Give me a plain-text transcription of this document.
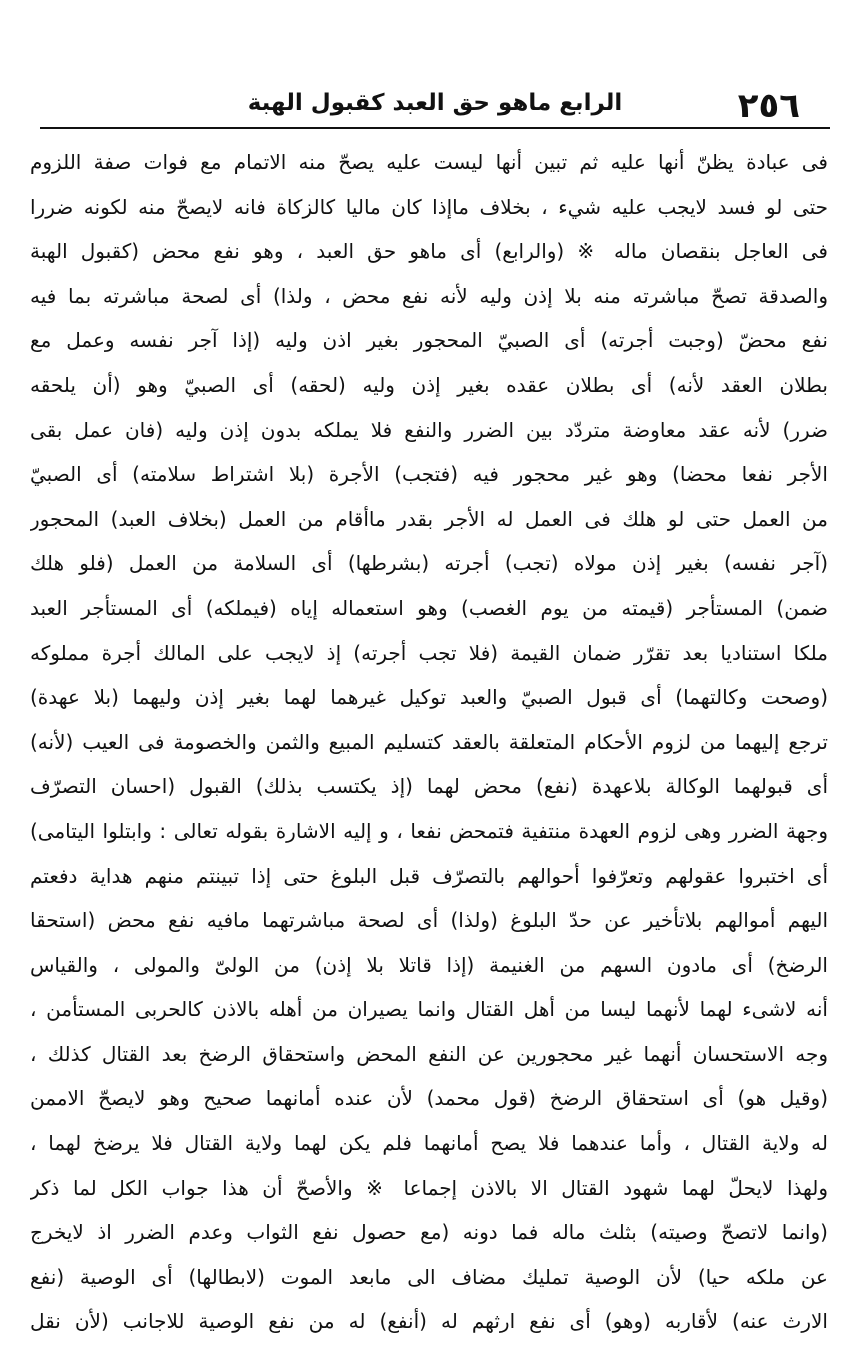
٢٥٦
الرابع ماهو حق العبد كقبول الهبة
فى عبادة يظنّ أنها عليه ثم تبين أنها ليست عليه يصحّ منه الاتمام مع فوات صفة اللزوم
حتى لو فسد لايجب عليه شيء ، بخلاف ماإذا كان ماليا كالزكاة فانه لايصحّ منه لكونه ضررا
فى العاجل بنقصان ماله ※ (والرابع) أى ماهو حق العبد ، وهو نفع محض (كقبول الهبة
والصدقة تصحّ مباشرته منه بلا إذن وليه لأنه نفع محض ، ولذا) أى لصحة مباشرته بما فيه
نفع محضّ (وجبت أجرته) أى الصبيّ المحجور بغير اذن وليه (إذا آجر نفسه وعمل مع
بطلان العقد لأنه) أى بطلان عقده بغير إذن وليه (لحقه) أى الصبيّ وهو (أن يلحقه
ضرر) لأنه عقد معاوضة متردّد بين الضرر والنفع فلا يملكه بدون إذن وليه (فان عمل بقى
الأجر نفعا محضا) وهو غير محجور فيه (فتجب) الأجرة (بلا اشتراط سلامته) أى الصبيّ
من العمل حتى لو هلك فى العمل له الأجر بقدر ماأقام من العمل (بخلاف العبد) المحجور
(آجر نفسه) بغير إذن مولاه (تجب) أجرته (بشرطها) أى السلامة من العمل (فلو هلك
ضمن) المستأجر (قيمته من يوم الغصب) وهو استعماله إياه (فيملكه) أى المستأجر العبد
ملكا استناديا بعد تقرّر ضمان القيمة (فلا تجب أجرته) إذ لايجب على المالك أجرة مملوكه
(وصحت وكالتهما) أى قبول الصبيّ والعبد توكيل غيرهما لهما بغير إذن وليهما (بلا عهدة)
ترجع إليهما من لزوم الأحكام المتعلقة بالعقد كتسليم المبيع والثمن والخصومة فى العيب (لأنه)
أى قبولهما الوكالة بلاعهدة (نفع) محض لهما (إذ يكتسب بذلك) القبول (احسان التصرّف
وجهة الضرر وهى لزوم العهدة منتفية فتمحض نفعا ، و إليه الاشارة بقوله تعالى : وابتلوا اليتامى)
أى اختبروا عقولهم وتعرّفوا أحوالهم بالتصرّف قبل البلوغ حتى إذا تبينتم منهم هداية دفعتم
اليهم أموالهم بلاتأخير عن حدّ البلوغ (ولذا) أى لصحة مباشرتهما مافيه نفع محض (استحقا
الرضخ) أى مادون السهم من الغنيمة (إذا قاتلا بلا إذن) من الولىّ والمولى ، والقياس
أنه لاشىء لهما لأنهما ليسا من أهل القتال وانما يصيران من أهله بالاذن كالحربى المستأمن ،
وجه الاستحسان أنهما غير محجورين عن النفع المحض واستحقاق الرضخ بعد القتال كذلك ،
(وقيل هو) أى استحقاق الرضخ (قول محمد) لأن عنده أمانهما صحيح وهو لايصحّ الاممن
له ولاية القتال ، وأما عندهما فلا يصح أمانهما فلم يكن لهما ولاية القتال فلا يرضخ لهما ،
ولهذا لايحلّ لهما شهود القتال الا بالاذن إجماعا ※ والأصحّ أن هذا جواب الكل لما ذكر
(وانما لاتصحّ وصيته) بثلث ماله فما دونه (مع حصول نفع الثواب وعدم الضرر اذ لايخرج
عن ملكه حيا) لأن الوصية تمليك مضاف الى مابعد الموت (لابطالها) أى الوصية (نفع
الارث عنه) لأقاربه (وهو) أى نفع ارثهم له (أنفع) له من نفع الوصية للاجانب (لأن نقل
